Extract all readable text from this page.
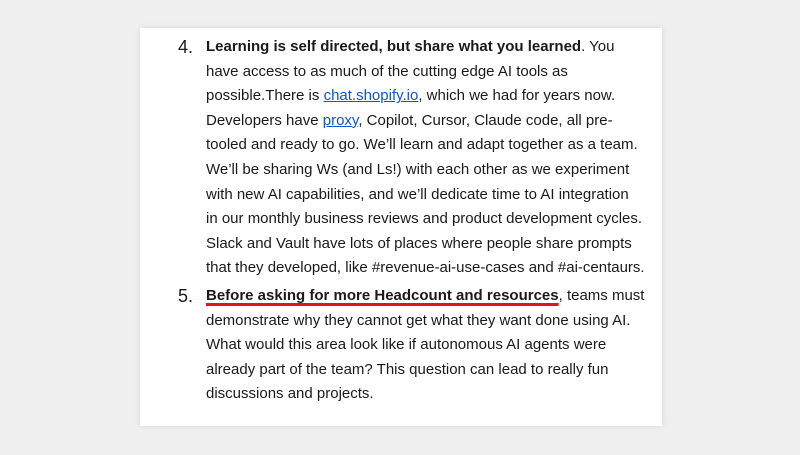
4. Learning is self directed, but share what you learned. You
have access to as much of the cutting edge AI tools as
possible.There is chat.shopify.io, which we had for years now.
Developers have proxy, Copilot, Cursor, Claude code, all pre-
tooled and ready to go. We’ll learn and adapt together as a team.
We’ll be sharing Ws (and Ls!) with each other as we experiment
with new AI capabilities, and we’ll dedicate time to AI integration
in our monthly business reviews and product development cycles.
Slack and Vault have lots of places where people share prompts
that they developed, like #revenue-ai-use-cases and #ai-centaurs.
5. Before asking for more Headcount and resources, teams must
demonstrate why they cannot get what they want done using AI.
What would this area look like if autonomous AI agents were
already part of the team? This question can lead to really fun
discussions and projects.
